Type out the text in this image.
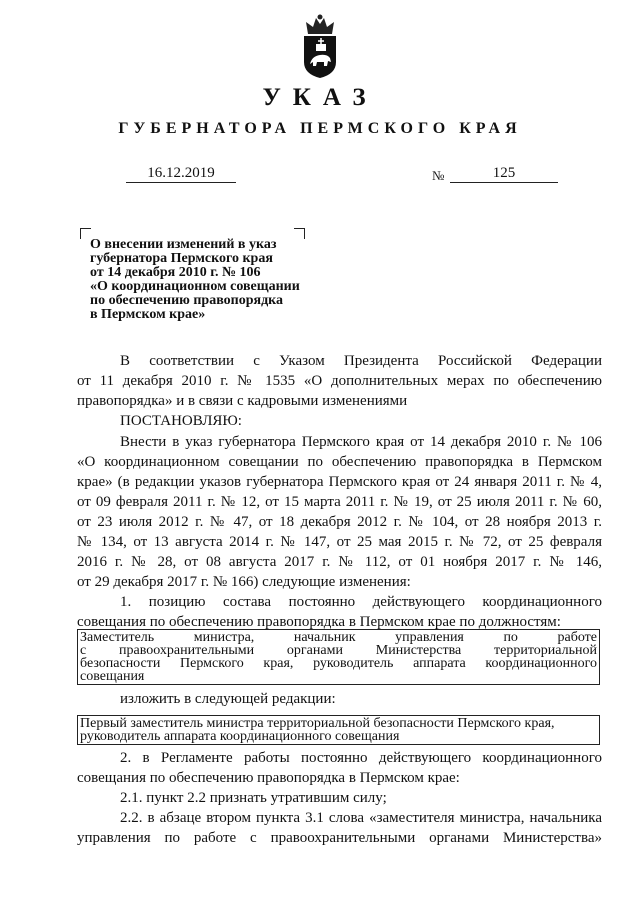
УКАЗ
ГУБЕРНАТОРА ПЕРМСКОГО КРАЯ
16.12.2019	№	125
О внесении изменений в указ
губернатора Пермского края
от 14 декабря 2010 г. № 106
«О координационном совещании
по обеспечению правопорядка
в Пермском крае»
В соответствии с Указом Президента Российской Федерации
от 11 декабря 2010 г. № 1535 «О дополнительных мерах по обеспечению
правопорядка» и в связи с кадровыми изменениями
ПОСТАНОВЛЯЮ:
Внести в указ губернатора Пермского края от 14 декабря 2010 г. № 106
«О координационном совещании по обеспечению правопорядка в Пермском
крае» (в редакции указов губернатора Пермского края от 24 января 2011 г. № 4,
от 09 февраля 2011 г. № 12, от 15 марта 2011 г. № 19, от 25 июля 2011 г. № 60,
от 23 июля 2012 г. № 47, от 18 декабря 2012 г. № 104, от 28 ноября 2013 г.
№ 134, от 13 августа 2014 г. № 147, от 25 мая 2015 г. № 72, от 25 февраля
2016 г. № 28, от 08 августа 2017 г. № 112, от 01 ноября 2017 г. № 146,
от 29 декабря 2017 г. № 166) следующие изменения:
1. позицию состава постоянно действующего координационного
совещания по обеспечению правопорядка в Пермском крае по должностям:
Заместитель министра, начальник управления по работе
с правоохранительными органами Министерства территориальной
безопасности Пермского края, руководитель аппарата координационного
совещания
изложить в следующей редакции:
Первый заместитель министра территориальной безопасности Пермского края,
руководитель аппарата координационного совещания
2. в Регламенте работы постоянно действующего координационного
совещания по обеспечению правопорядка в Пермском крае:
2.1. пункт 2.2 признать утратившим силу;
2.2. в абзаце втором пункта 3.1 слова «заместителя министра, начальника
управления по работе с правоохранительными органами Министерства»
